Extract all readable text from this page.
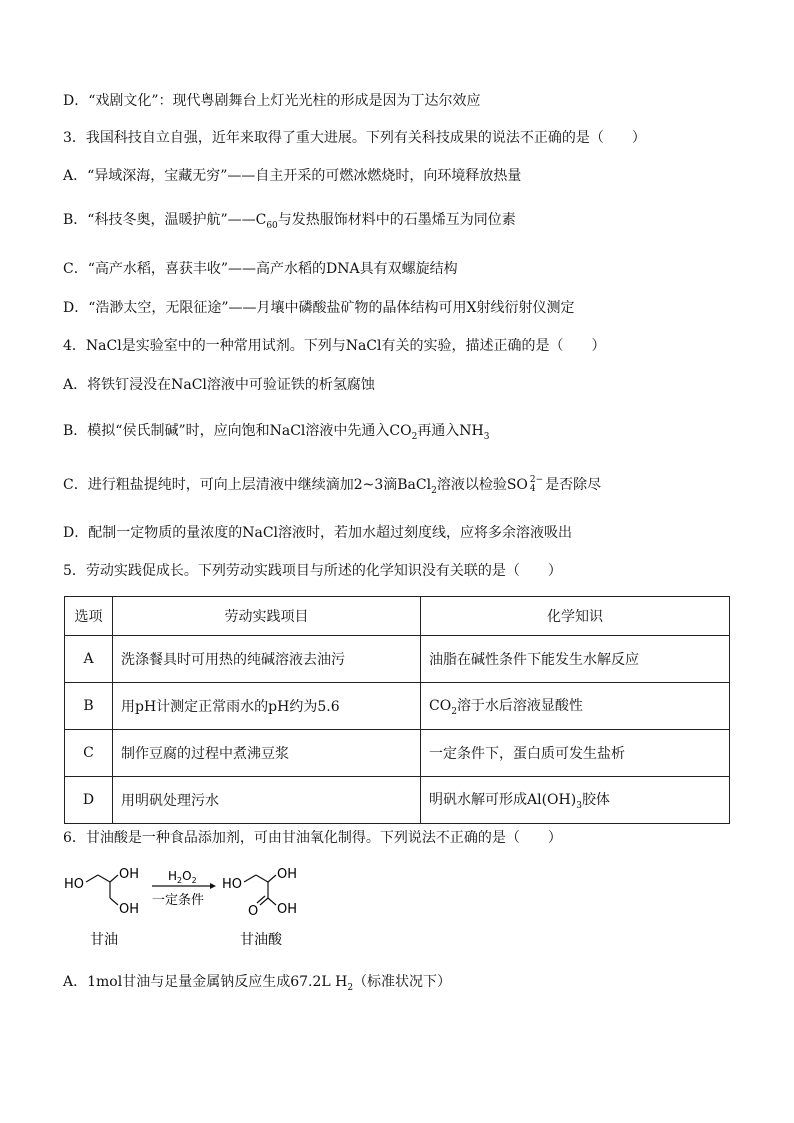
D．“戏剧文化”：现代粤剧舞台上灯光光柱的形成是因为丁达尔效应
3．我国科技自立自强，近年来取得了重大进展。下列有关科技成果的说法不正确的是（　　）
A．“异域深海，宝藏无穷”——自主开采的可燃冰燃烧时，向环境释放热量
B．“科技冬奥，温暖护航$”——C_{60}$与发热服饰材料中的石墨烯互为同位素
C．“高产水稻，喜获丰收”——高产水稻的DNA具有双螺旋结构
D．“浩渺太空，无限征途”——月壤中磷酸盐矿物的晶体结构可用X射线衍射仪测定
4．NaCl是实验室中的一种常用试剂。下列与NaCl有关的实验，描述正确的是（　　）
A．将铁钉浸没在NaCl溶液中可验证铁的析氢腐蚀
B．模拟“侯氏制碱”时，应向饱和NaCl溶液中先通入$CO_2$再通入$NH_3$
C．进行粗盐提纯时，可向上层清液中继续滴加2~3滴BaCl$_2$溶液以检验SO 2−
4 是否除尽
D．配制一定物质的量浓度的NaCl溶液时，若加水超过刻度线，应将多余溶液吸出
5．劳动实践促成长。下列劳动实践项目与所述的化学知识没有关联的是（　　）
选项	劳动实践项目	化学知识
A	洗涤餐具时可用热的纯碱溶液去油污	油脂在碱性条件下能发生水解反应
B	用pH计测定正常雨水的pH约为5.6	$CO_2$溶于水后溶液显酸性
C	制作豆腐的过程中煮沸豆浆	一定条件下，蛋白质可发生盐析
D	用明矾处理污水	明矾水解可形成$Al(OH)_3$胶体
6．甘油酸是一种食品添加剂，可由甘油氧化制得。下列说法不正确的是（　　）
HO
OH
OH
$H_2O_2$
一定条件
HO
OH
O OH
甘油	甘油酸
A．1mol甘油与足量金属钠反应生成67.2L $H_2$（标准状况下）
